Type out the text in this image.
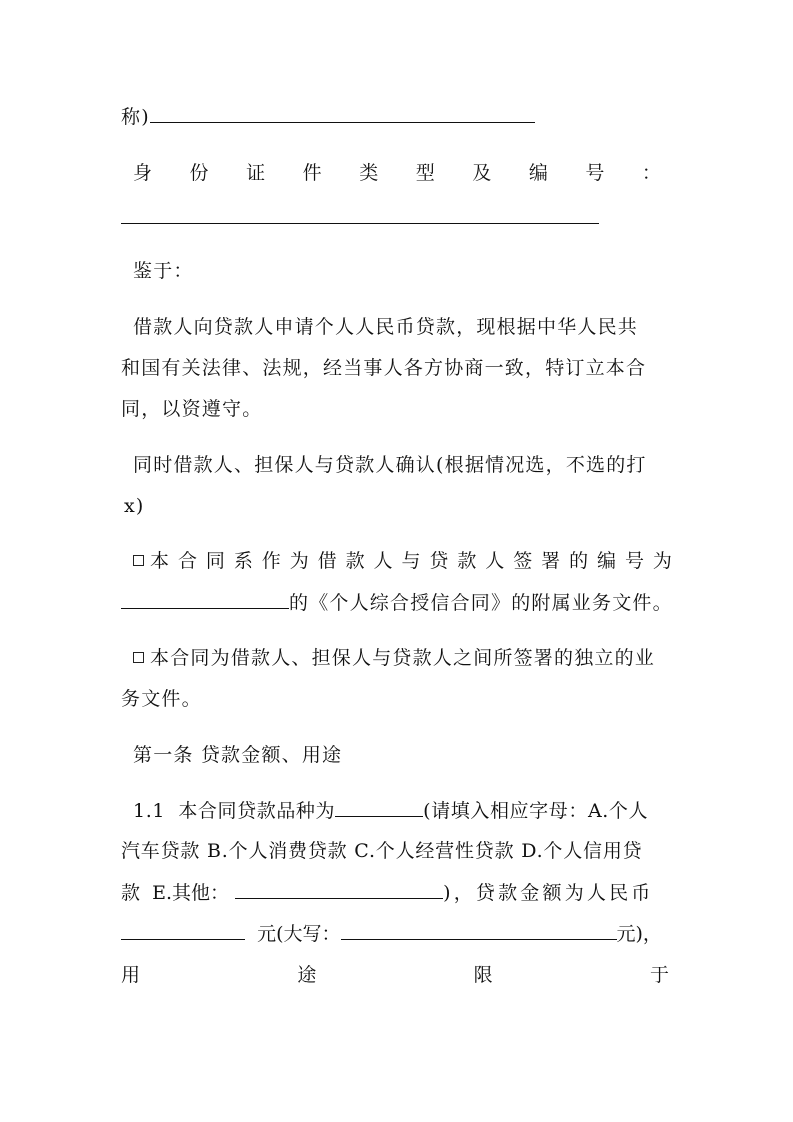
称)
身 份 证 件 类 型 及 编 号 ：
鉴于：
借款人向贷款人申请个人人民币贷款，现根据中华人民共
和国有关法律、法规，经当事人各方协商一致，特订立本合
同，以资遵守。
同时借款人、担保人与贷款人确认(根据情况选，不选的打
x)
本 合 同 系 作 为 借 款 人 与 贷 款 人 签 署 的 编 号 为
的《个人综合授信合同》的附属业务文件。
本合同为借款人、担保人与贷款人之间所签署的独立的业
务文件。
第一条 贷款金额、用途
1.1 本合同贷款品种为	(请填入相应字母：A.个人
汽车贷款 B.个人消费贷款 C.个人经营性贷款 D.个人信用贷
款 E.其他：	)，贷款金额为人民币
元(大写：	元)，
用	途	限	于
